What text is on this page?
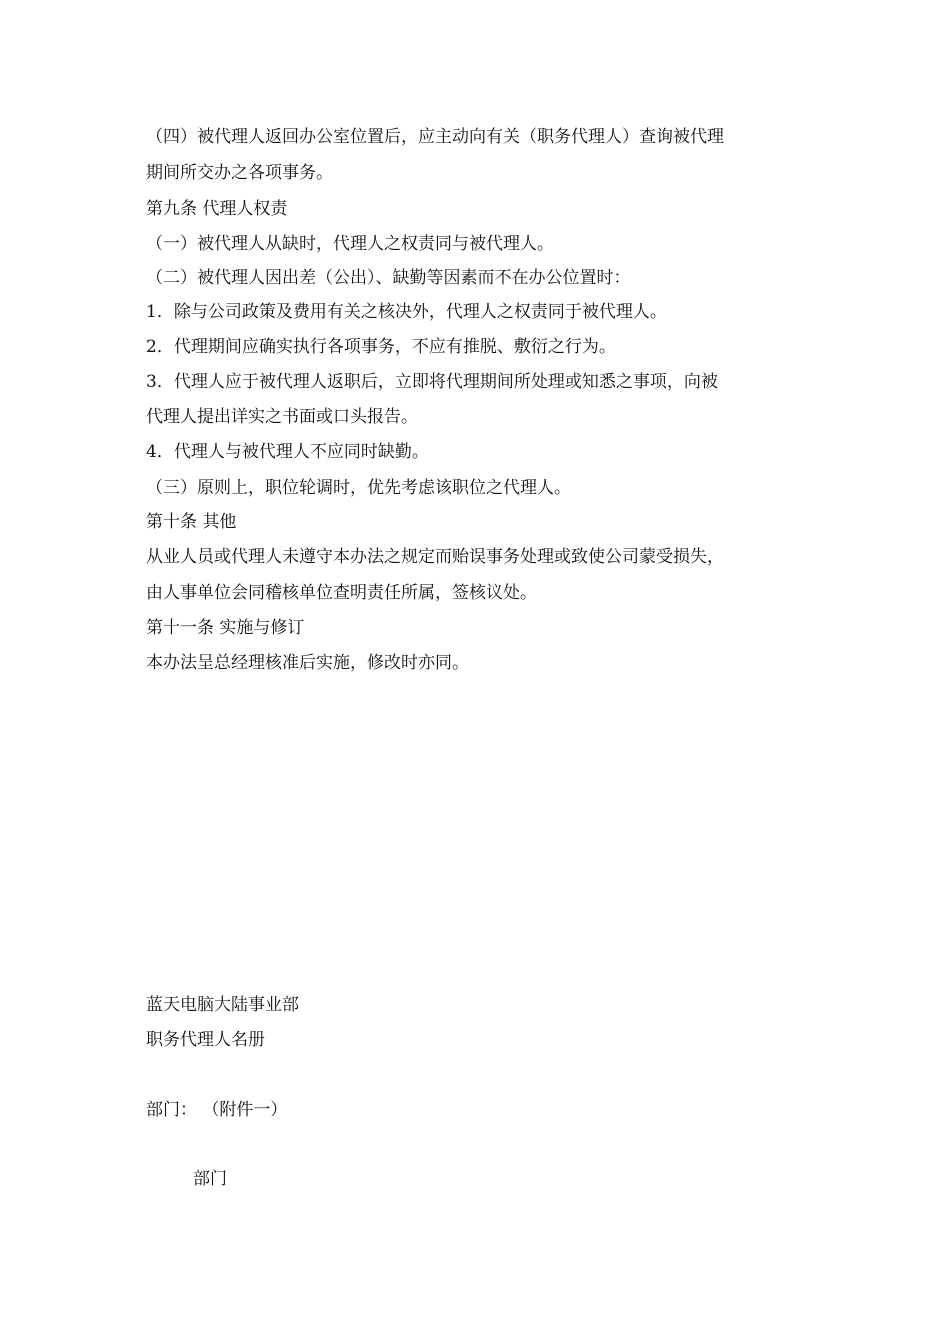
（四）被代理人返回办公室位置后，应主动向有关（职务代理人）查询被代理
期间所交办之各项事务。
第九条 代理人权责
（一）被代理人从缺时，代理人之权责同与被代理人。
（二）被代理人因出差（公出）、缺勤等因素而不在办公位置时：
1．除与公司政策及费用有关之核决外，代理人之权责同于被代理人。
2．代理期间应确实执行各项事务，不应有推脱、敷衍之行为。
3．代理人应于被代理人返职后，立即将代理期间所处理或知悉之事项，向被
代理人提出详实之书面或口头报告。
4．代理人与被代理人不应同时缺勤。
（三）原则上，职位轮调时，优先考虑该职位之代理人。
第十条 其他
从业人员或代理人未遵守本办法之规定而贻误事务处理或致使公司蒙受损失，
由人事单位会同稽核单位查明责任所属，签核议处。
第十一条 实施与修订
本办法呈总经理核准后实施，修改时亦同。
蓝天电脑大陆事业部
职务代理人名册
部门： （附件一）
部门
